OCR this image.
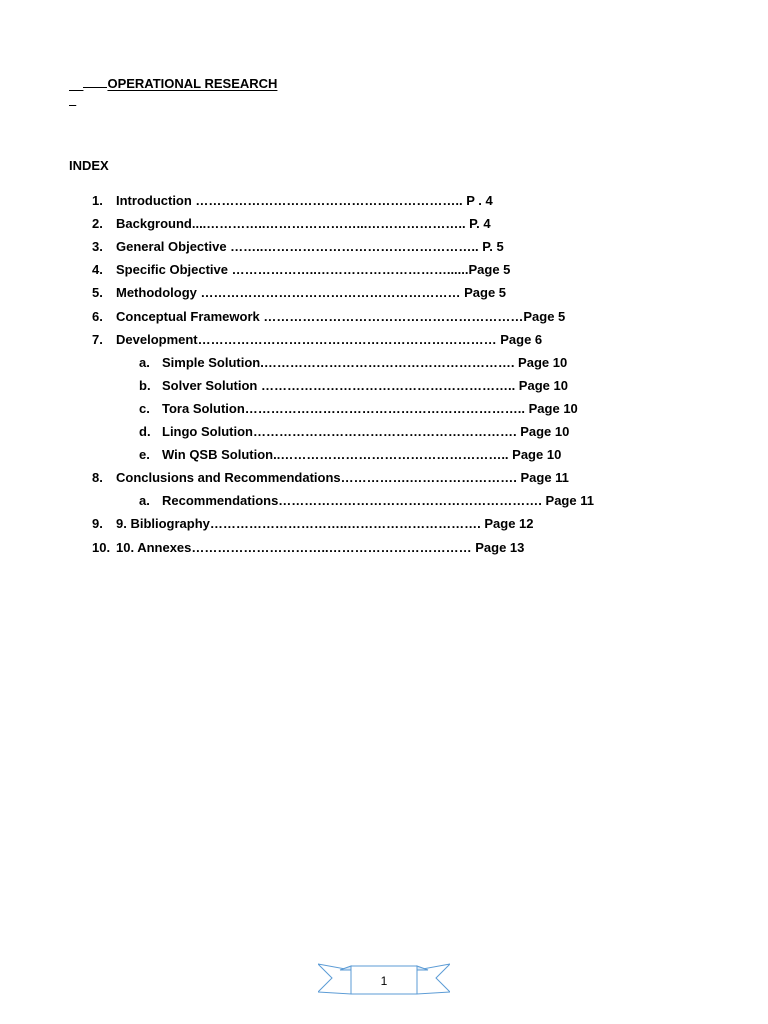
OPERATIONAL RESEARCH

INDEX
1. Introduction …………………………………………………….. P . 4
2. Background....…………..…………………...………………….. P. 4
3. General Objective ……..………………………………………….. P. 5
4. Specific Objective ………………..…………………………......Page 5
5. Methodology …………………………………………………… Page 5
6. Conceptual Framework ……………………………………………………Page 5
7. Development…………………………………………………………… Page 6
a. Simple Solution.…………………………………………………. Page 10
b. Solver Solution ………………………………………………….. Page 10
c. Tora Solution……………………………………………………….. Page 10
d. Lingo Solution……………………………………………………. Page 10
e. Win QSB Solution..…………………………………………….. Page 10
8. Conclusions and Recommendations…………….……………………. Page 11
a. Recommendations……………………………………………………. Page 11
9. 9. Bibliography…………………………..…………………………. Page 12
10. 10. Annexes…………………………..…………………………… Page 13
1
